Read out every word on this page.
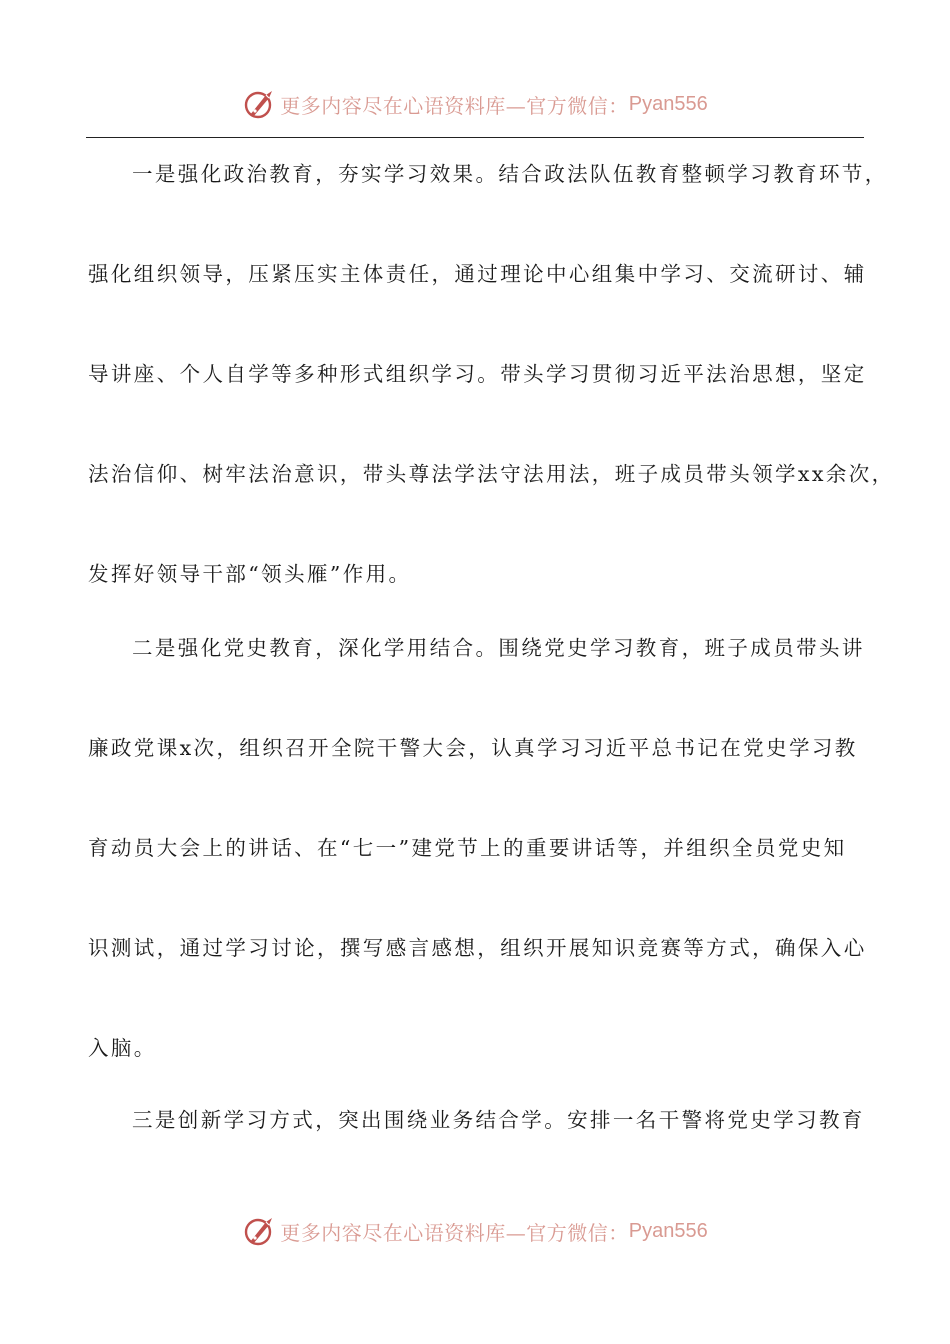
更多内容尽在心语资料库—官方微信： Pyan556
一是强化政治教育，夯实学习效果。结合政法队伍教育整顿学习教育环节，
强化组织领导，压紧压实主体责任，通过理论中心组集中学习、交流研讨、辅
导讲座、个人自学等多种形式组织学习。带头学习贯彻习近平法治思想，坚定
法治信仰、树牢法治意识，带头尊法学法守法用法，班子成员带头领学xx余次，
发挥好领导干部“领头雁”作用。
二是强化党史教育，深化学用结合。围绕党史学习教育，班子成员带头讲
廉政党课x次，组织召开全院干警大会，认真学习习近平总书记在党史学习教
育动员大会上的讲话、在“七一”建党节上的重要讲话等，并组织全员党史知
识测试，通过学习讨论，撰写感言感想，组织开展知识竞赛等方式，确保入心
入脑。
三是创新学习方式，突出围绕业务结合学。安排一名干警将党史学习教育
更多内容尽在心语资料库—官方微信： Pyan556
